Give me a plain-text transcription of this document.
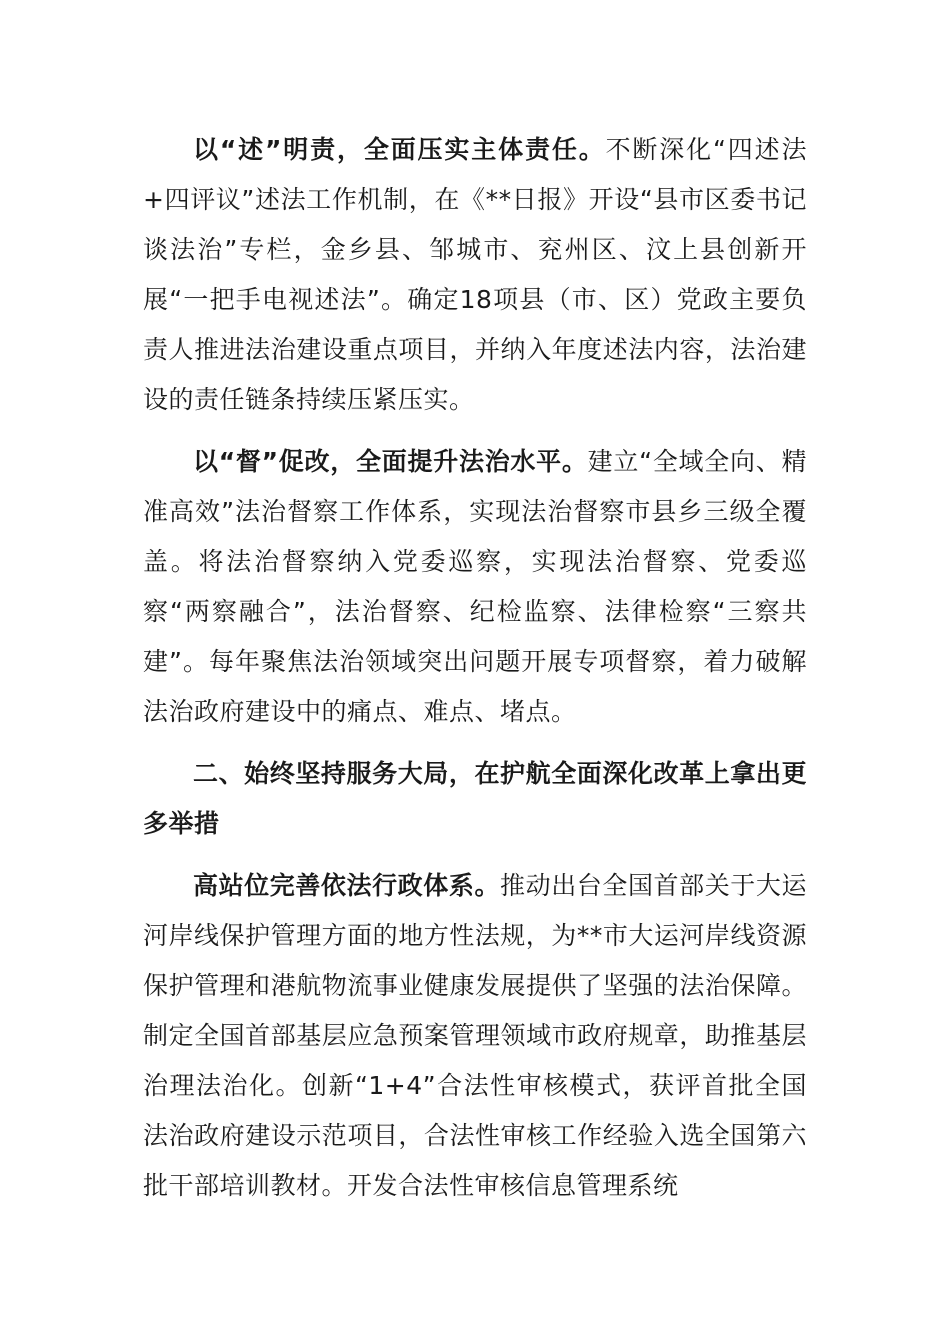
以“述”明责，全面压实主体责任。不断深化“四述法+四评议”述法工作机制，在《**日报》开设“县市区委书记谈法治”专栏，金乡县、邹城市、兖州区、汶上县创新开展“一把手电视述法”。确定18项县（市、区）党政主要负责人推进法治建设重点项目，并纳入年度述法内容，法治建设的责任链条持续压紧压实。

以“督”促改，全面提升法治水平。建立“全域全向、精准高效”法治督察工作体系，实现法治督察市县乡三级全覆盖。将法治督察纳入党委巡察，实现法治督察、党委巡察“两察融合”，法治督察、纪检监察、法律检察“三察共建”。每年聚焦法治领域突出问题开展专项督察，着力破解法治政府建设中的痛点、难点、堵点。

二、始终坚持服务大局，在护航全面深化改革上拿出更多举措

高站位完善依法行政体系。推动出台全国首部关于大运河岸线保护管理方面的地方性法规，为**市大运河岸线资源保护管理和港航物流事业健康发展提供了坚强的法治保障。制定全国首部基层应急预案管理领域市政府规章，助推基层治理法治化。创新“1+4”合法性审核模式，获评首批全国法治政府建设示范项目，合法性审核工作经验入选全国第六批干部培训教材。开发合法性审核信息管理系统
